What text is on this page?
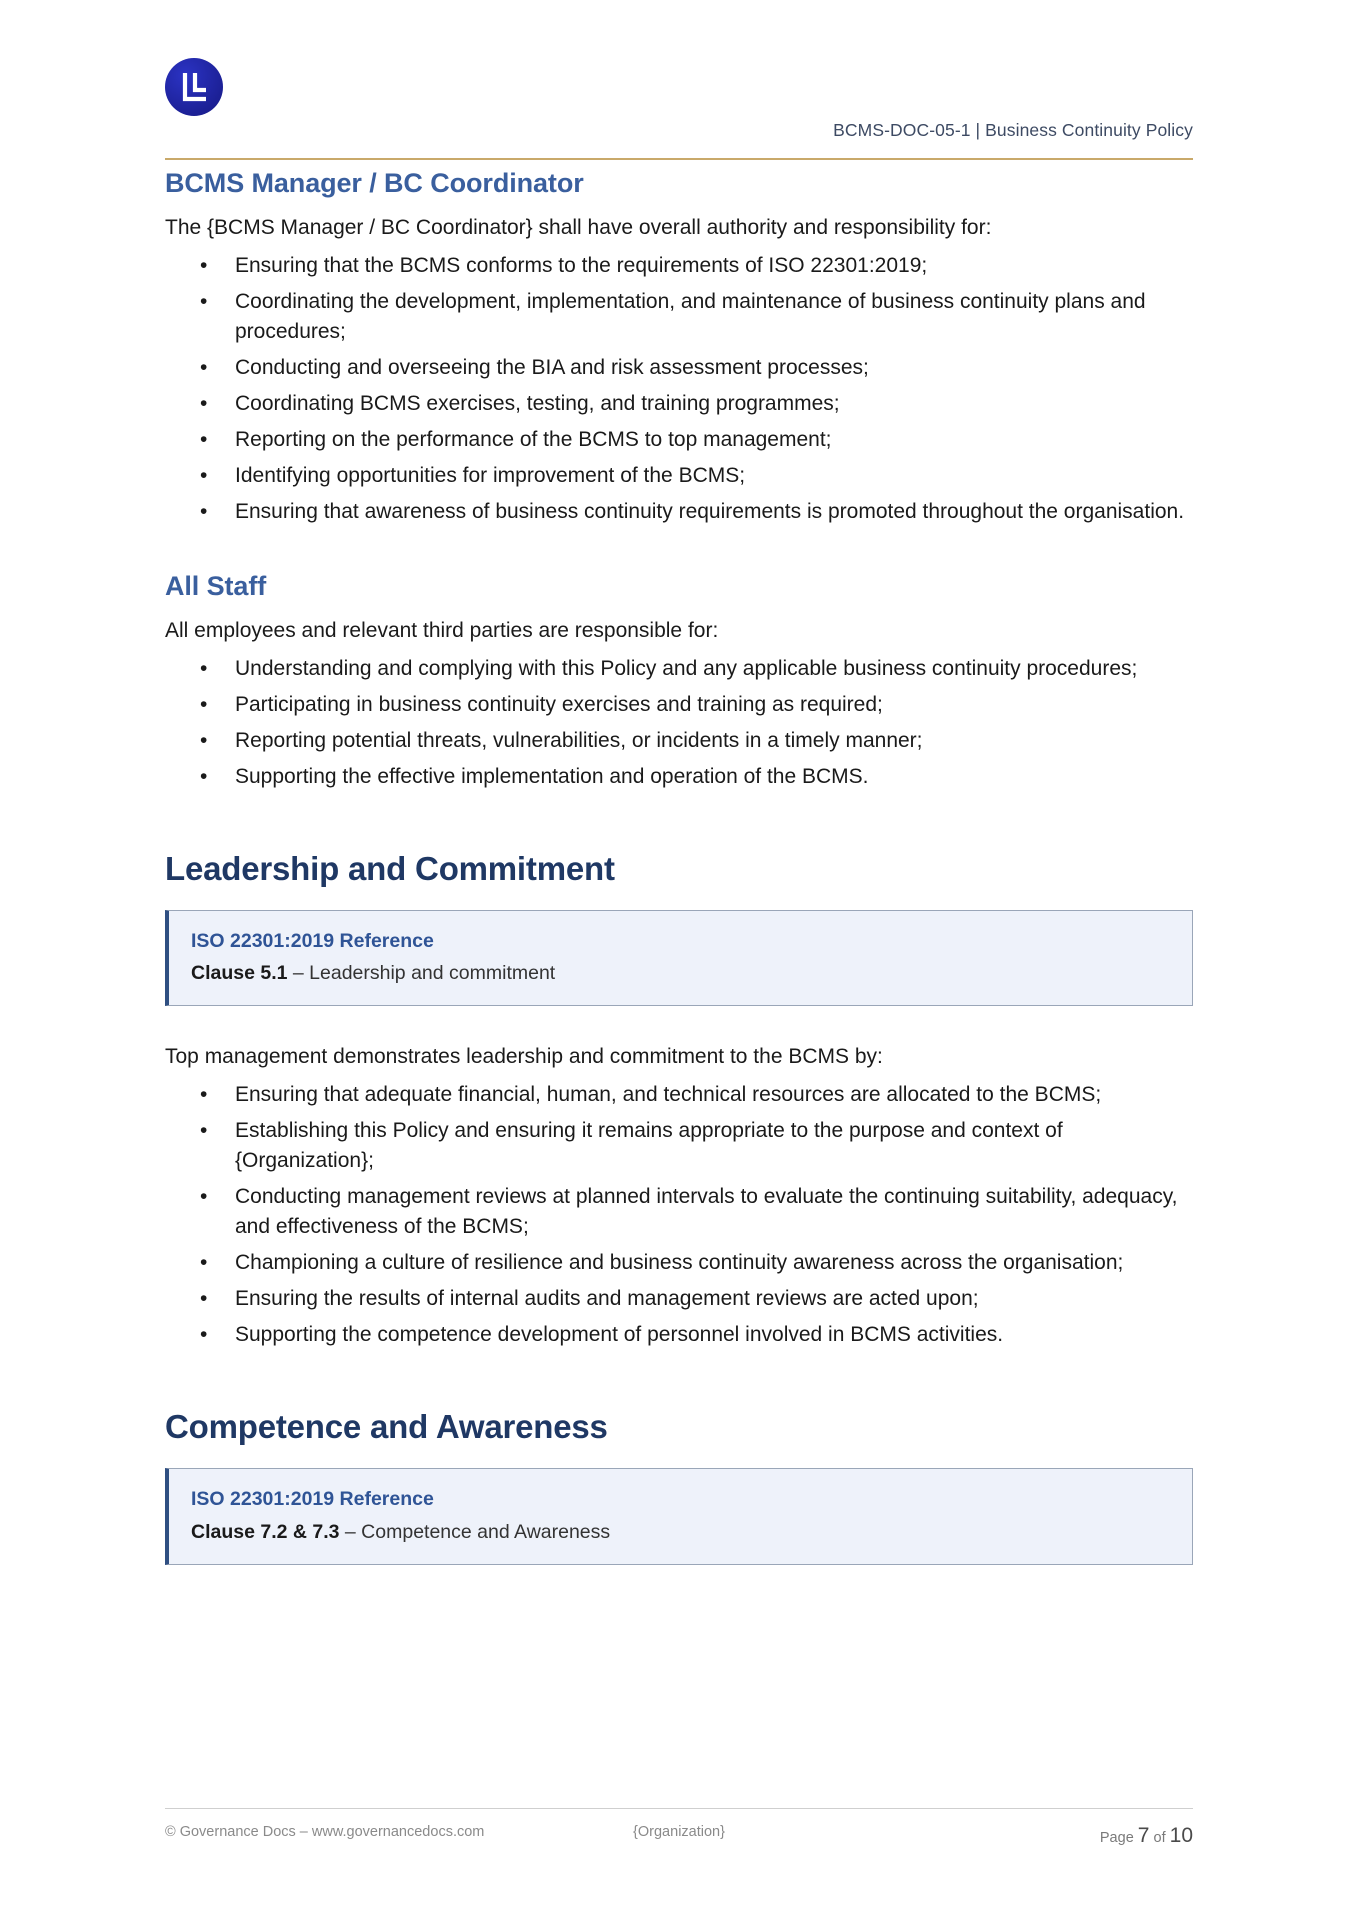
BCMS-DOC-05-1 | Business Continuity Policy
BCMS Manager / BC Coordinator

The {BCMS Manager / BC Coordinator} shall have overall authority and responsibility for:

• Ensuring that the BCMS conforms to the requirements of ISO 22301:2019;
• Coordinating the development, implementation, and maintenance of business continuity plans and procedures;
• Conducting and overseeing the BIA and risk assessment processes;
• Coordinating BCMS exercises, testing, and training programmes;
• Reporting on the performance of the BCMS to top management;
• Identifying opportunities for improvement of the BCMS;
• Ensuring that awareness of business continuity requirements is promoted throughout the organisation.
All Staff

All employees and relevant third parties are responsible for:

• Understanding and complying with this Policy and any applicable business continuity procedures;
• Participating in business continuity exercises and training as required;
• Reporting potential threats, vulnerabilities, or incidents in a timely manner;
• Supporting the effective implementation and operation of the BCMS.
Leadership and Commitment
ISO 22301:2019 Reference
Clause 5.1 – Leadership and commitment

Top management demonstrates leadership and commitment to the BCMS by:

• Ensuring that adequate financial, human, and technical resources are allocated to the BCMS;
• Establishing this Policy and ensuring it remains appropriate to the purpose and context of {Organization};
• Conducting management reviews at planned intervals to evaluate the continuing suitability, adequacy, and effectiveness of the BCMS;
• Championing a culture of resilience and business continuity awareness across the organisation;
• Ensuring the results of internal audits and management reviews are acted upon;
• Supporting the competence development of personnel involved in BCMS activities.
Competence and Awareness
ISO 22301:2019 Reference
Clause 7.2 & 7.3 – Competence and Awareness
© Governance Docs – www.governancedocs.com	{Organization}	Page 7 of 10
